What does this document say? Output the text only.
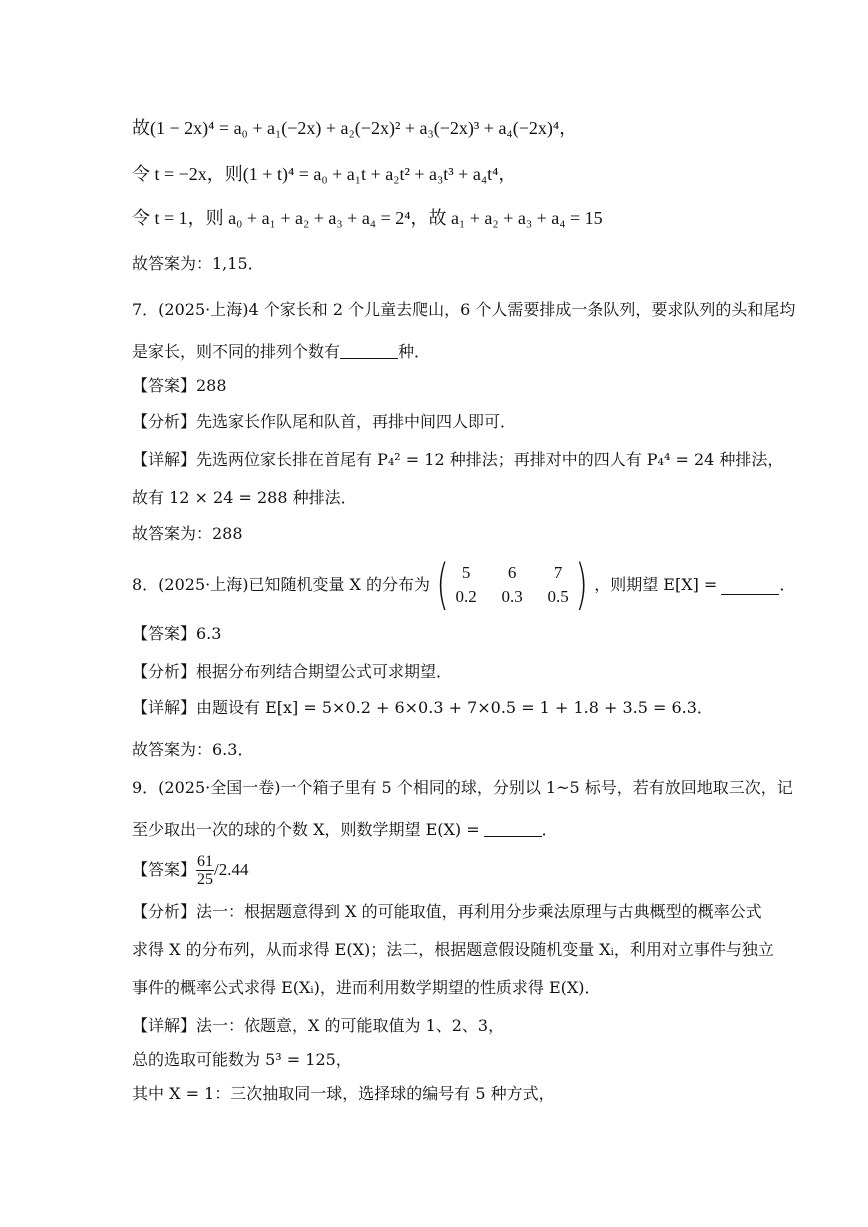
故(1 − 2x)⁴ = a₀ + a₁(−2x) + a₂(−2x)² + a₃(−2x)³ + a₄(−2x)⁴，
令 t = −2x，则(1 + t)⁴ = a₀ + a₁t + a₂t² + a₃t³ + a₄t⁴，
令 t = 1，则 a₀ + a₁ + a₂ + a₃ + a₄ = 2⁴，故 a₁ + a₂ + a₃ + a₄ = 15
故答案为：1,15．
7．(2025·上海)4 个家长和 2 个儿童去爬山，6 个人需要排成一条队列，要求队列的头和尾均
是家长，则不同的排列个数有	种．
【答案】288
【分析】先选家长作队尾和队首，再排中间四人即可．
【详解】先选两位家长排在首尾有 P₄² = 12 种排法；再排对中的四人有 P₄⁴ = 24 种排法，
故有 12 × 24 = 288 种排法．
故答案为：288
8．(2025·上海)已知随机变量 X 的分布为 ( 5	6	7
0.2 0.3 0.5 ) ，则期望 E[X] =	．
【答案】6.3
【分析】根据分布列结合期望公式可求期望．
【详解】由题设有 E[x] = 5×0.2 + 6×0.3 + 7×0.5 = 1 + 1.8 + 3.5 = 6.3．
故答案为：6.3．
9．(2025·全国一卷)一个箱子里有 5 个相同的球，分别以 1~5 标号，若有放回地取三次，记
至少取出一次的球的个数 X，则数学期望 E(X) =	．
【答案】 $\frac{61}{25} /2.44$
【分析】法一：根据题意得到 X 的可能取值，再利用分步乘法原理与古典概型的概率公式
求得 X 的分布列，从而求得 E(X)；法二，根据题意假设随机变量 Xᵢ，利用对立事件与独立
事件的概率公式求得 E(Xᵢ)，进而利用数学期望的性质求得 E(X)．
【详解】法一：依题意，X 的可能取值为 1、2、3，
总的选取可能数为 5³ = 125，
其中 X = 1：三次抽取同一球，选择球的编号有 5 种方式，
